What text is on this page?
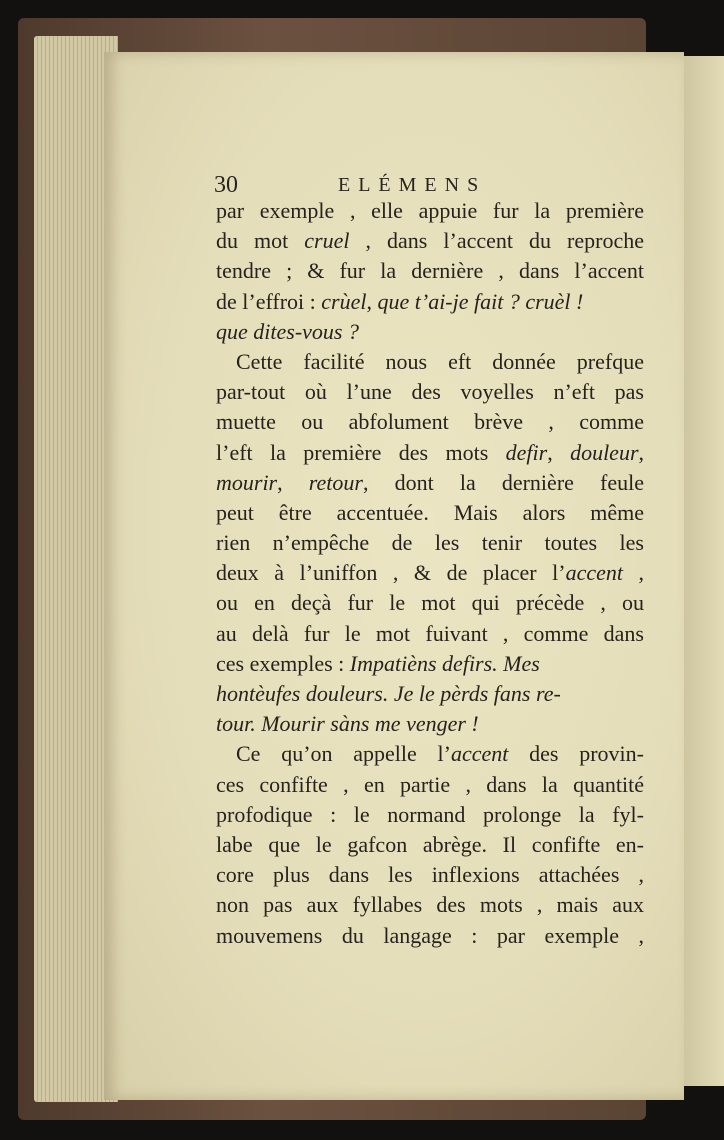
30	ELÉMENS
par exemple , elle appuie fur la première
du mot cruel , dans l’accent du reproche
tendre ; & fur la dernière , dans l’accent
de l’effroi : crùel, que t’ai-je fait ? cruèl !
que dites-vous ?
Cette facilité nous eft donnée prefque
par-tout où l’une des voyelles n’eft pas
muette ou abfolument brève , comme
l’eft la première des mots defir, douleur,
mourir, retour, dont la dernière feule
peut être accentuée. Mais alors même
rien n’empêche de les tenir toutes les
deux à l’uniffon , & de placer l’accent ,
ou en deçà fur le mot qui précède , ou
au delà fur le mot fuivant , comme dans
ces exemples : Impatièns defirs. Mes
hontèufes douleurs. Je le pèrds fans re-
tour. Mourir sàns me venger !
Ce qu’on appelle l’accent des provin-
ces confifte , en partie , dans la quantité
profodique : le normand prolonge la fyl-
labe que le gafcon abrège. Il confifte en-
core plus dans les inflexions attachées ,
non pas aux fyllabes des mots , mais aux
mouvemens du langage : par exemple ,
